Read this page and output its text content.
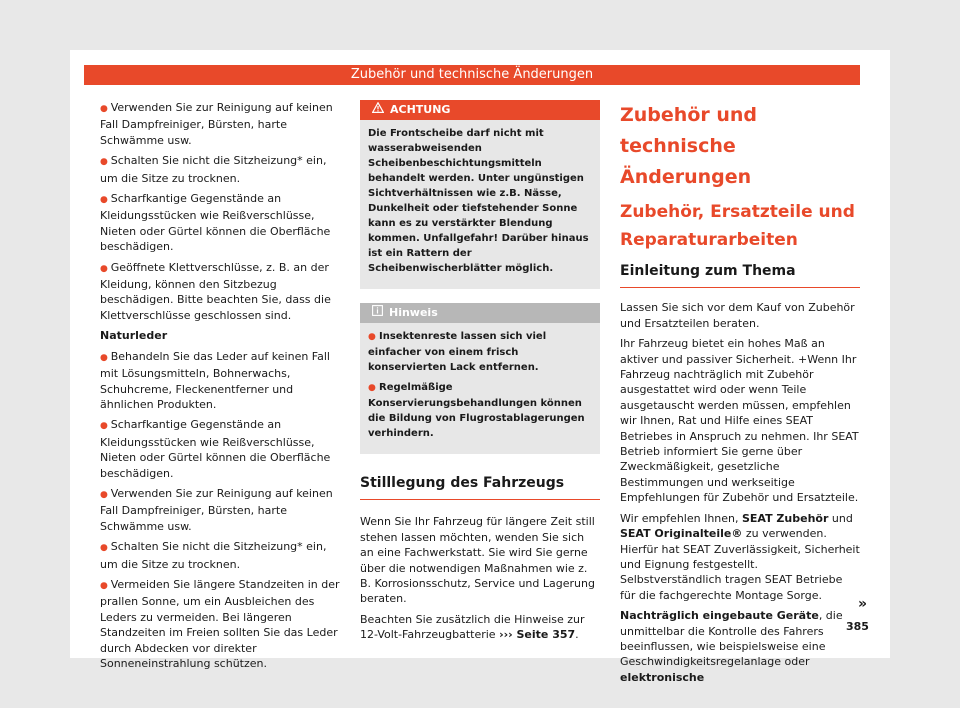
Zubehör und technische Änderungen

● Verwenden Sie zur Reinigung auf keinen Fall Dampfreiniger, Bürsten, harte Schwämme usw.

● Schalten Sie nicht die Sitzheizung* ein, um die Sitze zu trocknen.

● Scharfkantige Gegenstände an Kleidungsstücken wie Reißverschlüsse, Nieten oder Gürtel können die Oberfläche beschädigen.

● Geöffnete Klettverschlüsse, z. B. an der Kleidung, können den Sitzbezug beschädigen. Bitte beachten Sie, dass die Klettverschlüsse geschlossen sind.

Naturleder

● Behandeln Sie das Leder auf keinen Fall mit Lösungsmitteln, Bohnerwachs, Schuhcreme, Fleckenentferner und ähnlichen Produkten.

● Scharfkantige Gegenstände an Kleidungsstücken wie Reißverschlüsse, Nieten oder Gürtel können die Oberfläche beschädigen.

● Verwenden Sie zur Reinigung auf keinen Fall Dampfreiniger, Bürsten, harte Schwämme usw.

● Schalten Sie nicht die Sitzheizung* ein, um die Sitze zu trocknen.

● Vermeiden Sie längere Standzeiten in der prallen Sonne, um ein Ausbleichen des Leders zu vermeiden. Bei längeren Standzeiten im Freien sollten Sie das Leder durch Abdecken vor direkter Sonneneinstrahlung schützen.

ACHTUNG

Die Frontscheibe darf nicht mit wasserabweisenden Scheibenbeschichtungsmitteln behandelt werden. Unter ungünstigen Sichtverhältnissen wie z.B. Nässe, Dunkelheit oder tiefstehender Sonne kann es zu verstärkter Blendung kommen. Unfallgefahr! Darüber hinaus ist ein Rattern der Scheibenwischerblätter möglich.

Hinweis

● Insektenreste lassen sich viel einfacher von einem frisch konservierten Lack entfernen.

● Regelmäßige Konservierungsbehandlungen können die Bildung von Flugrostablagerungen verhindern.

Stilllegung des Fahrzeugs

Wenn Sie Ihr Fahrzeug für längere Zeit still stehen lassen möchten, wenden Sie sich an eine Fachwerkstatt. Sie wird Sie gerne über die notwendigen Maßnahmen wie z. B. Korrosionsschutz, Service und Lagerung beraten.

Beachten Sie zusätzlich die Hinweise zur 12-Volt-Fahrzeugbatterie ››› Seite 357.

Zubehör und technische Änderungen

Zubehör, Ersatzteile und Reparaturarbeiten

Einleitung zum Thema

Lassen Sie sich vor dem Kauf von Zubehör und Ersatzteilen beraten.

Ihr Fahrzeug bietet ein hohes Maß an aktiver und passiver Sicherheit. +Wenn Ihr Fahrzeug nachträglich mit Zubehör ausgestattet wird oder wenn Teile ausgetauscht werden müssen, empfehlen wir Ihnen, Rat und Hilfe eines SEAT Betriebes in Anspruch zu nehmen. Ihr SEAT Betrieb informiert Sie gerne über Zweckmäßigkeit, gesetzliche Bestimmungen und werkseitige Empfehlungen für Zubehör und Ersatzteile.

Wir empfehlen Ihnen, SEAT Zubehör und SEAT Originalteile® zu verwenden. Hierfür hat SEAT Zuverlässigkeit, Sicherheit und Eignung festgestellt. Selbstverständlich tragen SEAT Betriebe für die fachgerechte Montage Sorge.

Nachträglich eingebaute Geräte, die unmittelbar die Kontrolle des Fahrers beeinflussen, wie beispielsweise eine Geschwindigkeitsregelanlage oder elektronische

»
385
